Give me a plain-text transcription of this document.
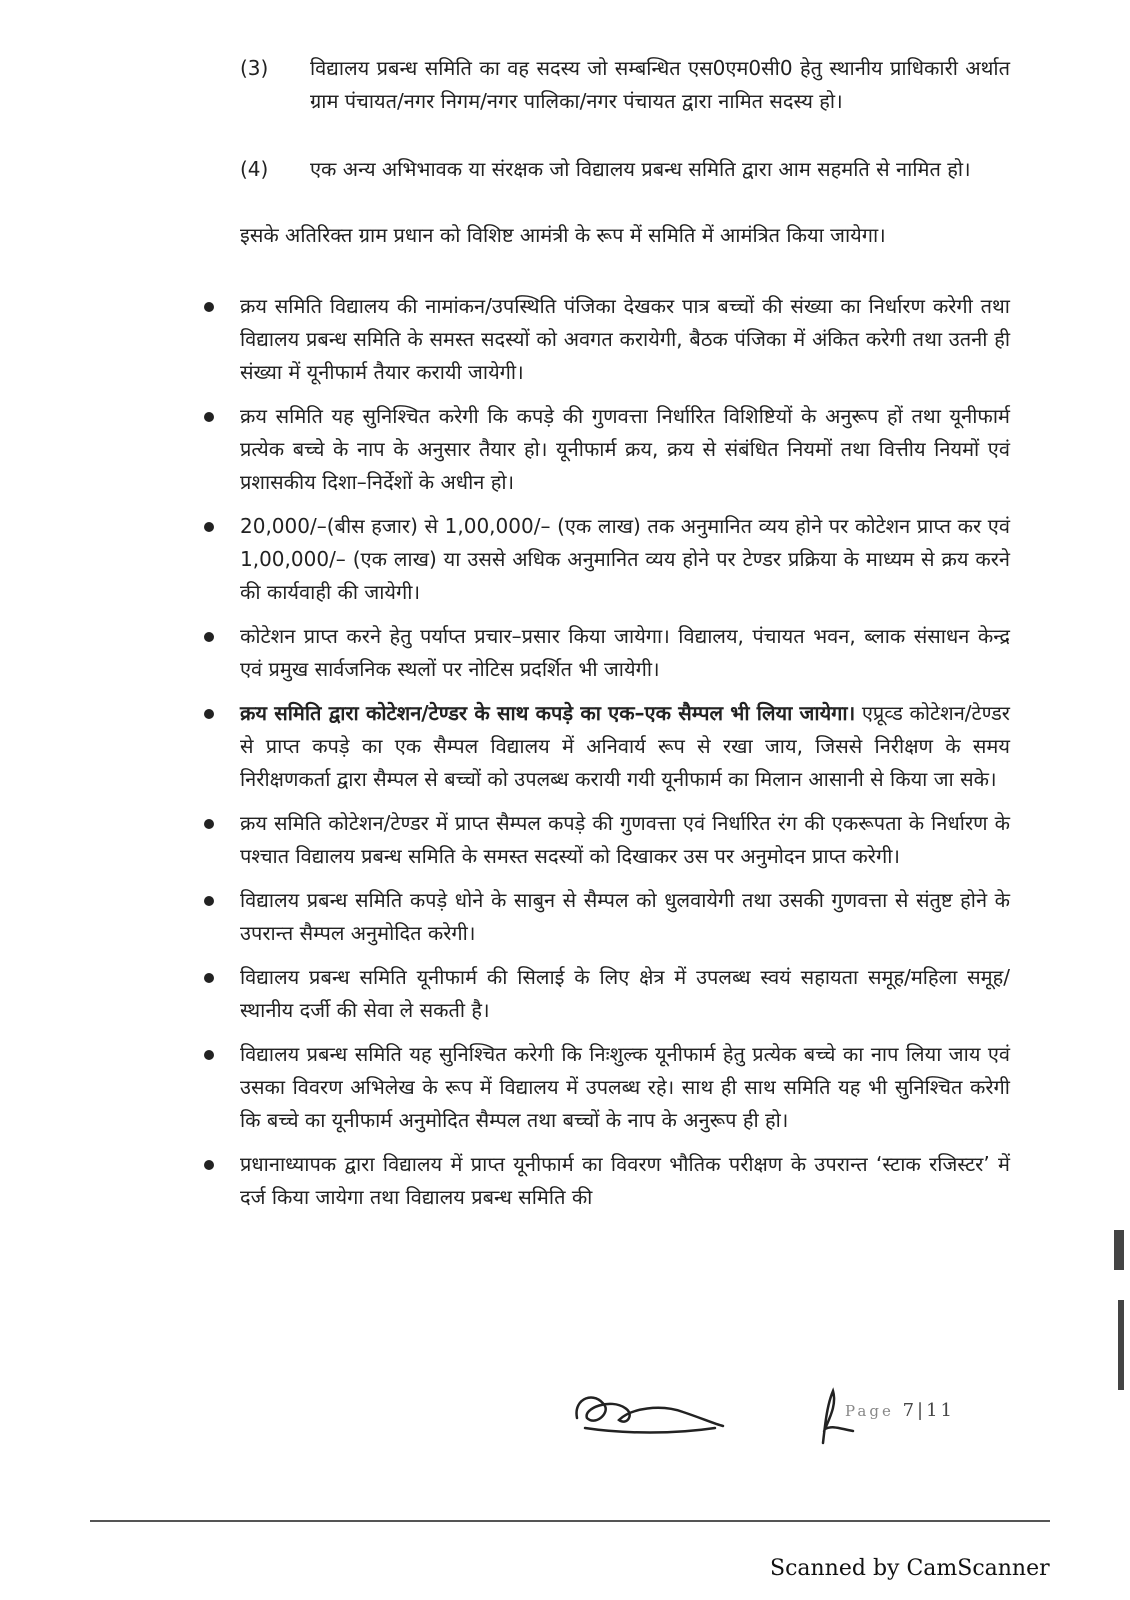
(3)	विद्यालय प्रबन्ध समिति का वह सदस्य जो सम्बन्धित एस0एम0सी0 हेतु स्थानीय प्राधिकारी अर्थात ग्राम पंचायत/नगर निगम/नगर पालिका/नगर पंचायत द्वारा नामित सदस्य हो।
(4)	एक अन्य अभिभावक या संरक्षक जो विद्यालय प्रबन्ध समिति द्वारा आम सहमति से नामित हो।
इसके अतिरिक्त ग्राम प्रधान को विशिष्ट आमंत्री के रूप में समिति में आमंत्रित किया जायेगा।
क्रय समिति विद्यालय की नामांकन/उपस्थिति पंजिका देखकर पात्र बच्चों की संख्या का निर्धारण करेगी तथा विद्यालय प्रबन्ध समिति के समस्त सदस्यों को अवगत करायेगी, बैठक पंजिका में अंकित करेगी तथा उतनी ही संख्या में यूनीफार्म तैयार करायी जायेगी।
क्रय समिति यह सुनिश्चित करेगी कि कपड़े की गुणवत्ता निर्धारित विशिष्टियों के अनुरूप हों तथा यूनीफार्म प्रत्येक बच्चे के नाप के अनुसार तैयार हो। यूनीफार्म क्रय, क्रय से संबंधित नियमों तथा वित्तीय नियमों एवं प्रशासकीय दिशा–निर्देशों के अधीन हो।
20,000/–(बीस हजार) से 1,00,000/– (एक लाख) तक अनुमानित व्यय होने पर कोटेशन प्राप्त कर एवं 1,00,000/– (एक लाख) या उससे अधिक अनुमानित व्यय होने पर टेण्डर प्रक्रिया के माध्यम से क्रय करने की कार्यवाही की जायेगी।
कोटेशन प्राप्त करने हेतु पर्याप्त प्रचार–प्रसार किया जायेगा। विद्यालय, पंचायत भवन, ब्लाक संसाधन केन्द्र एवं प्रमुख सार्वजनिक स्थलों पर नोटिस प्रदर्शित भी जायेगी।
क्रय समिति द्वारा कोटेशन/टेण्डर के साथ कपड़े का एक–एक सैम्पल भी लिया जायेगा। एप्रूव्ड कोटेशन/टेण्डर से प्राप्त कपड़े का एक सैम्पल विद्यालय में अनिवार्य रूप से रखा जाय, जिससे निरीक्षण के समय निरीक्षणकर्ता द्वारा सैम्पल से बच्चों को उपलब्ध करायी गयी यूनीफार्म का मिलान आसानी से किया जा सके।
क्रय समिति कोटेशन/टेण्डर में प्राप्त सैम्पल कपड़े की गुणवत्ता एवं निर्धारित रंग की एकरूपता के निर्धारण के पश्चात विद्यालय प्रबन्ध समिति के समस्त सदस्यों को दिखाकर उस पर अनुमोदन प्राप्त करेगी।
विद्यालय प्रबन्ध समिति कपड़े धोने के साबुन से सैम्पल को धुलवायेगी तथा उसकी गुणवत्ता से संतुष्ट होने के उपरान्त सैम्पल अनुमोदित करेगी।
विद्यालय प्रबन्ध समिति यूनीफार्म की सिलाई के लिए क्षेत्र में उपलब्ध स्वयं सहायता समूह/महिला समूह/स्थानीय दर्जी की सेवा ले सकती है।
विद्यालय प्रबन्ध समिति यह सुनिश्चित करेगी कि निःशुल्क यूनीफार्म हेतु प्रत्येक बच्चे का नाप लिया जाय एवं उसका विवरण अभिलेख के रूप में विद्यालय में उपलब्ध रहे। साथ ही साथ समिति यह भी सुनिश्चित करेगी कि बच्चे का यूनीफार्म अनुमोदित सैम्पल तथा बच्चों के नाप के अनुरूप ही हो।
प्रधानाध्यापक द्वारा विद्यालय में प्राप्त यूनीफार्म का विवरण भौतिक परीक्षण के उपरान्त ‘स्टाक रजिस्टर’ में दर्ज किया जायेगा तथा विद्यालय प्रबन्ध समिति की
Page 7|11
Scanned by CamScanner
